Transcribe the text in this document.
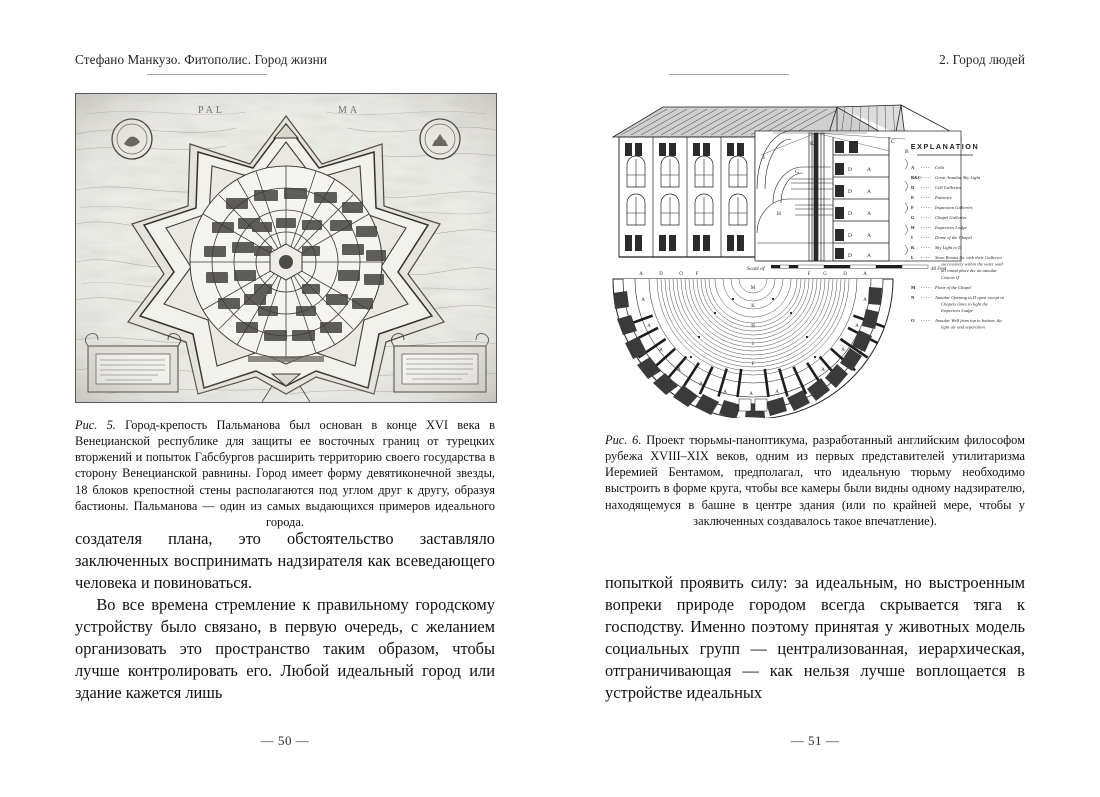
Стефано Манкузо. Фитополис. Город жизни
Рис. 5. Город-крепость Пальманова был основан в конце XVI века в Венецианской республике для защиты ее восточных границ от турецких вторжений и попыток Габсбургов расширить территорию своего государства в сторону Венецианской равнины. Город имеет форму девятиконечной звезды, 18 блоков крепостной стены располагаются под углом друг к другу, образуя бастионы. Пальманова — один из самых выдающихся примеров идеального города.

создателя плана, это обстоятельство заставляло заключенных воспринимать надзирателя как всеведающего человека и повиноваться.

Во все времена стремление к правильному городскому устройству было связано, в первую очередь, с желанием организовать это пространство таким образом, чтобы лучше контролировать его. Любой идеальный город или здание кажется лишь

— 50 —
2. Город людей
A
A
A
A
A
D
D
D
D
D
C
B
K
G
H
I
Scale of	40 Feet
A
A
A
A
A
A	A	A
A
A
A
A
A
A	D	O	F	F	G	D	A
M
K
H
I
F
EXPLANATION
A	Cells
B&C	Great Annular Sky Light
D	Cell Galleries
E	Entrance
F	Inspection Galleries
G	Chapel Galleries
H	Inspectors Lodge
I	Dome of the Chapel
K	Sky Light to D
L	Store Rooms &c with their Galleries
successively within the outer wall
all round place &c an annular
Cistern Q
M	Floor of the Chapel
N	Annular Opening in D open except at
Chapels times to light the
Inspectors Lodge
O	Annular Well from top to bottom, &c
light air and separation
Рис. 6. Проект тюрьмы-паноптикума, разработанный английским философом рубежа XVIII–XIX веков, одним из первых представителей утилитаризма Иеремией Бентамом, предполагал, что идеальную тюрьму необходимо выстроить в форме круга, чтобы все камеры были видны одному надзирателю, находящемуся в башне в центре здания (или по крайней мере, чтобы у заключенных создавалось такое впечатление).

попыткой проявить силу: за идеальным, но выстроенным вопреки природе городом всегда скрывается тяга к господству. Именно поэтому принятая у животных модель социальных групп — централизованная, иерархическая, отграничивающая — как нельзя лучше воплощается в устройстве идеальных

— 51 —
